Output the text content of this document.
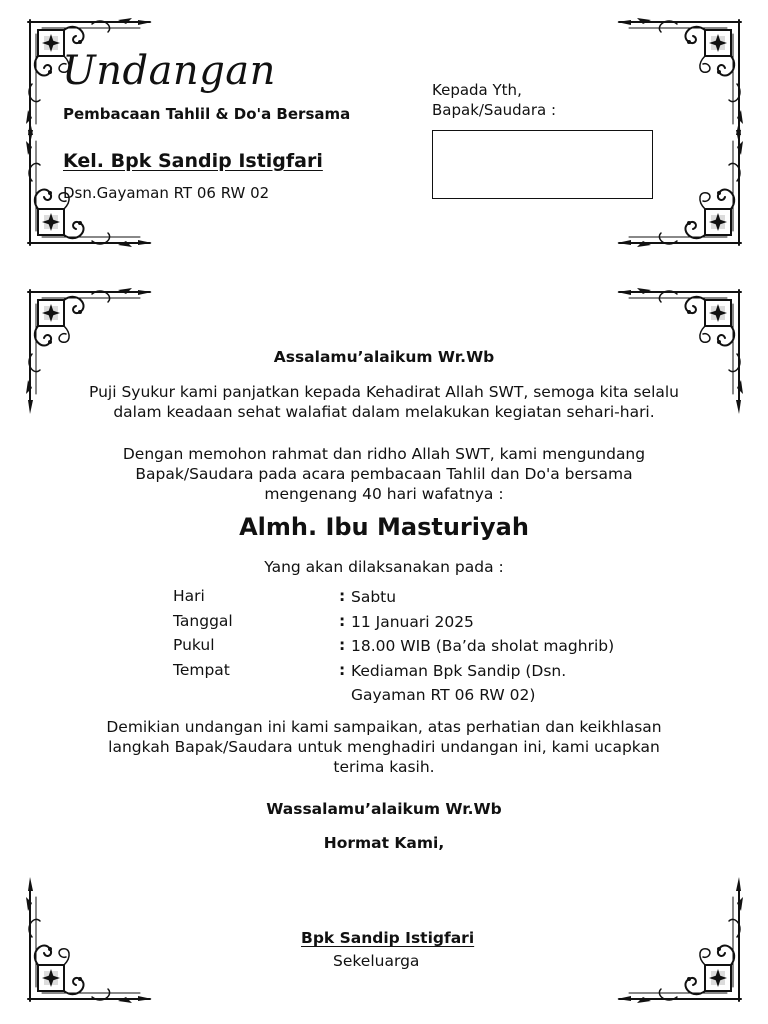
Undangan
Pembacaan Tahlil & Do'a Bersama
Kel. Bpk Sandip Istigfari
Dsn.Gayaman RT 06 RW 02
Kepada Yth,
Bapak/Saudara :
Assalamu’alaikum Wr.Wb
Puji Syukur kami panjatkan kepada Kehadirat Allah SWT, semoga kita selalu
dalam keadaan sehat walafiat dalam melakukan kegiatan sehari-hari.
Dengan memohon rahmat dan ridho Allah SWT, kami mengundang
Bapak/Saudara pada acara pembacaan Tahlil dan Do'a bersama
mengenang 40 hari wafatnya :
Almh. Ibu Masturiyah
Yang akan dilaksanakan pada :
Hari	: Sabtu
Tanggal	: 11 Januari 2025
Pukul	: 18.00 WIB (Ba’da sholat maghrib)
Tempat	: Kediaman Bpk Sandip (Dsn.
Gayaman RT 06 RW 02)
Demikian undangan ini kami sampaikan, atas perhatian dan keikhlasan
langkah Bapak/Saudara untuk menghadiri undangan ini, kami ucapkan
terima kasih.
Wassalamu’alaikum Wr.Wb
Hormat Kami,
Bpk Sandip Istigfari
Sekeluarga
